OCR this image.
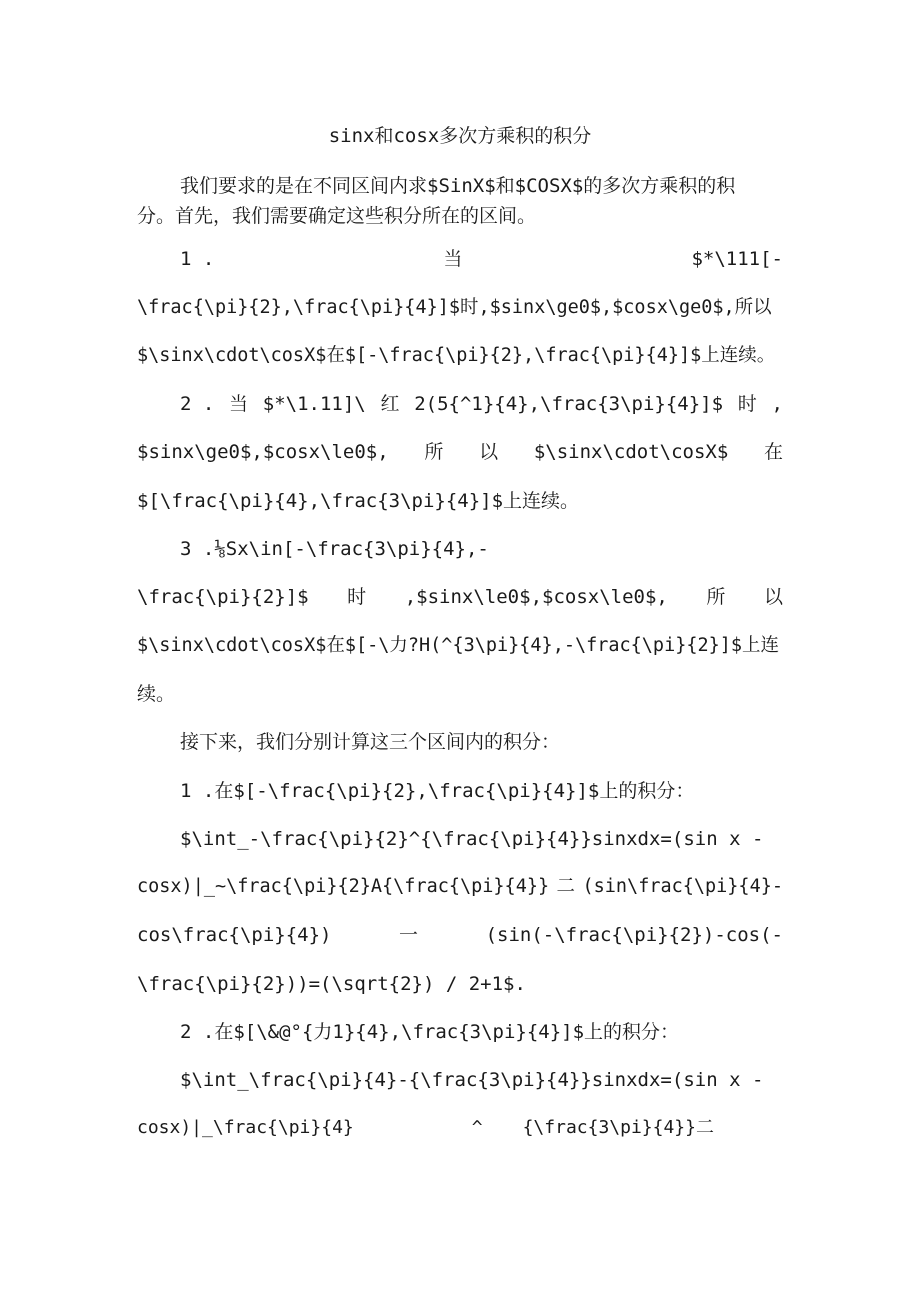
sinx和cosx多次方乘积的积分
我们要求的是在不同区间内求$SinX$和$COSX$的多次方乘积的积
分。首先，我们需要确定这些积分所在的区间。
1 .	当	$*\111[-
\frac{\pi}{2},\frac{\pi}{4}]$时,$sinx\ge0$,$cosx\ge0$,所以
$\sinx\cdot\cosX$在$[-\frac{\pi}{2},\frac{\pi}{4}]$上连续。
2 . 当 $*\1.11]\ 红 2(5{^1}{4},\frac{3\pi}{4}]$ 时 ,
$sinx\ge0$,$cosx\le0$, 所 以 $\sinx\cdot\cosX$ 在
$[\frac{\pi}{4},\frac{3\pi}{4}]$上连续。
3 .⅛Sx\in[-\frac{3\pi}{4},-
\frac{\pi}{2}]$ 时 ,$sinx\le0$,$cosx\le0$, 所 以
$\sinx\cdot\cosX$在$[-\力?H(^{3\pi}{4},-\frac{\pi}{2}]$上连
续。
接下来，我们分别计算这三个区间内的积分：
1 .在$[-\frac{\pi}{2},\frac{\pi}{4}]$上的积分：
$\int_-\frac{\pi}{2}^{\frac{\pi}{4}}sinxdx=(sin x -
cosx)|_~\frac{\pi}{2}A{\frac{\pi}{4}} 二 (sin\frac{\pi}{4}-
cos\frac{\pi}{4})	一	(sin(-\frac{\pi}{2})-cos(-
\frac{\pi}{2}))=(\sqrt{2}) / 2+1$.
2 .在$[\&@°{力1}{4},\frac{3\pi}{4}]$上的积分：
$\int_\frac{\pi}{4}-{\frac{3\pi}{4}}sinxdx=(sin x -
cosx)|_\frac{\pi}{4}	^ {\frac{3\pi}{4}}二
